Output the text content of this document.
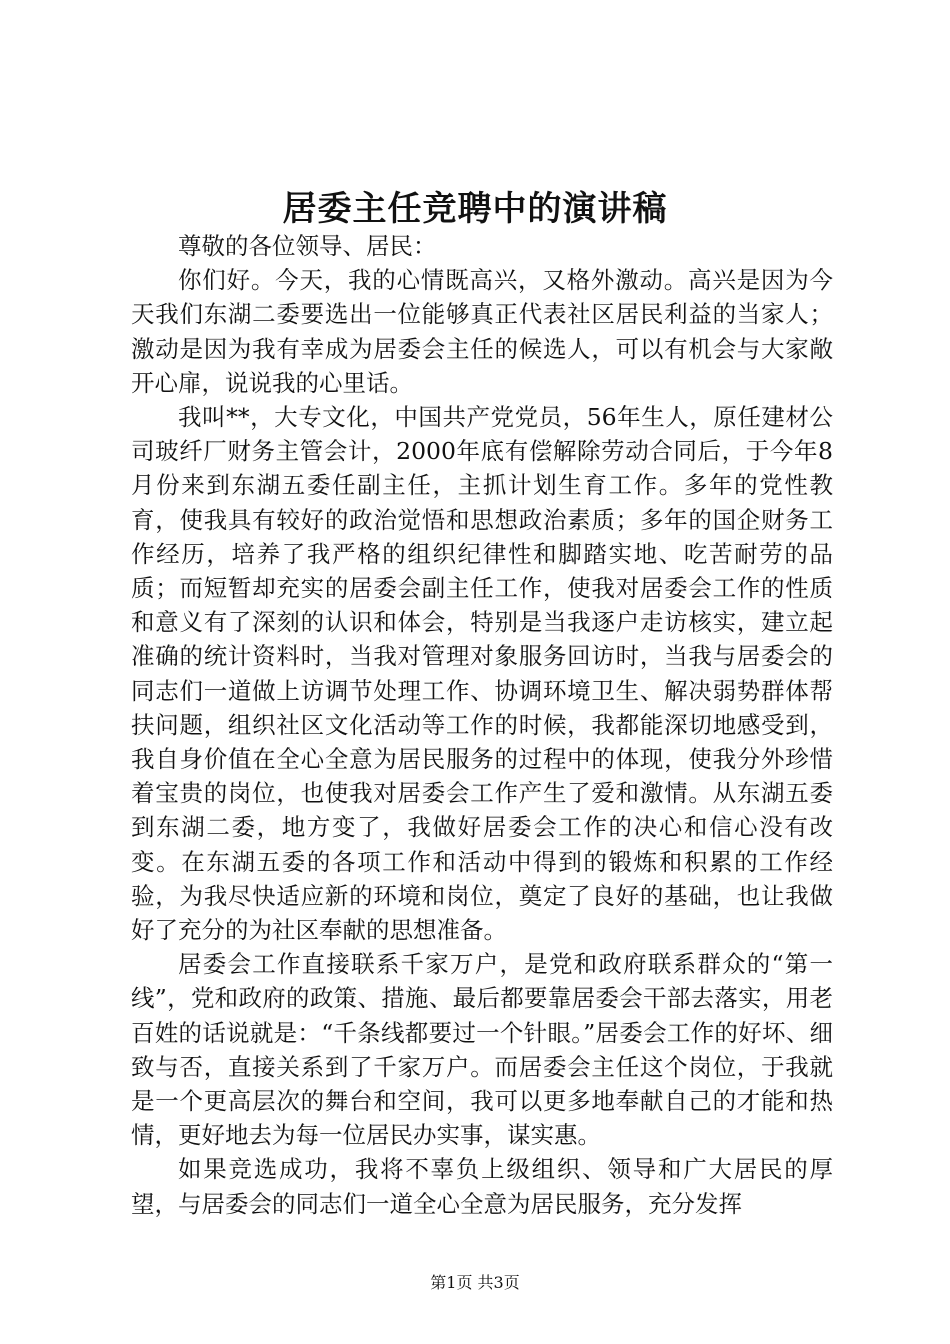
居委主任竞聘中的演讲稿

尊敬的各位领导、居民：

你们好。今天，我的心情既高兴，又格外激动。高兴是因为今天我们东湖二委要选出一位能够真正代表社区居民利益的当家人；激动是因为我有幸成为居委会主任的候选人，可以有机会与大家敞开心扉，说说我的心里话。

我叫**，大专文化，中国共产党党员，56年生人，原任建材公司玻纤厂财务主管会计，2000年底有偿解除劳动合同后，于今年8月份来到东湖五委任副主任，主抓计划生育工作。多年的党性教育，使我具有较好的政治觉悟和思想政治素质；多年的国企财务工作经历，培养了我严格的组织纪律性和脚踏实地、吃苦耐劳的品质；而短暂却充实的居委会副主任工作，使我对居委会工作的性质和意义有了深刻的认识和体会，特别是当我逐户走访核实，建立起准确的统计资料时，当我对管理对象服务回访时，当我与居委会的同志们一道做上访调节处理工作、协调环境卫生、解决弱势群体帮扶问题，组织社区文化活动等工作的时候，我都能深切地感受到，我自身价值在全心全意为居民服务的过程中的体现，使我分外珍惜着宝贵的岗位，也使我对居委会工作产生了爱和激情。从东湖五委到东湖二委，地方变了，我做好居委会工作的决心和信心没有改变。在东湖五委的各项工作和活动中得到的锻炼和积累的工作经验，为我尽快适应新的环境和岗位，奠定了良好的基础，也让我做好了充分的为社区奉献的思想准备。

居委会工作直接联系千家万户，是党和政府联系群众的“第一线”，党和政府的政策、措施、最后都要靠居委会干部去落实，用老百姓的话说就是：“千条线都要过一个针眼。”居委会工作的好坏、细致与否，直接关系到了千家万户。而居委会主任这个岗位，于我就是一个更高层次的舞台和空间，我可以更多地奉献自己的才能和热情，更好地去为每一位居民办实事，谋实惠。

如果竞选成功，我将不辜负上级组织、领导和广大居民的厚望，与居委会的同志们一道全心全意为居民服务，充分发挥

第1页 共3页
